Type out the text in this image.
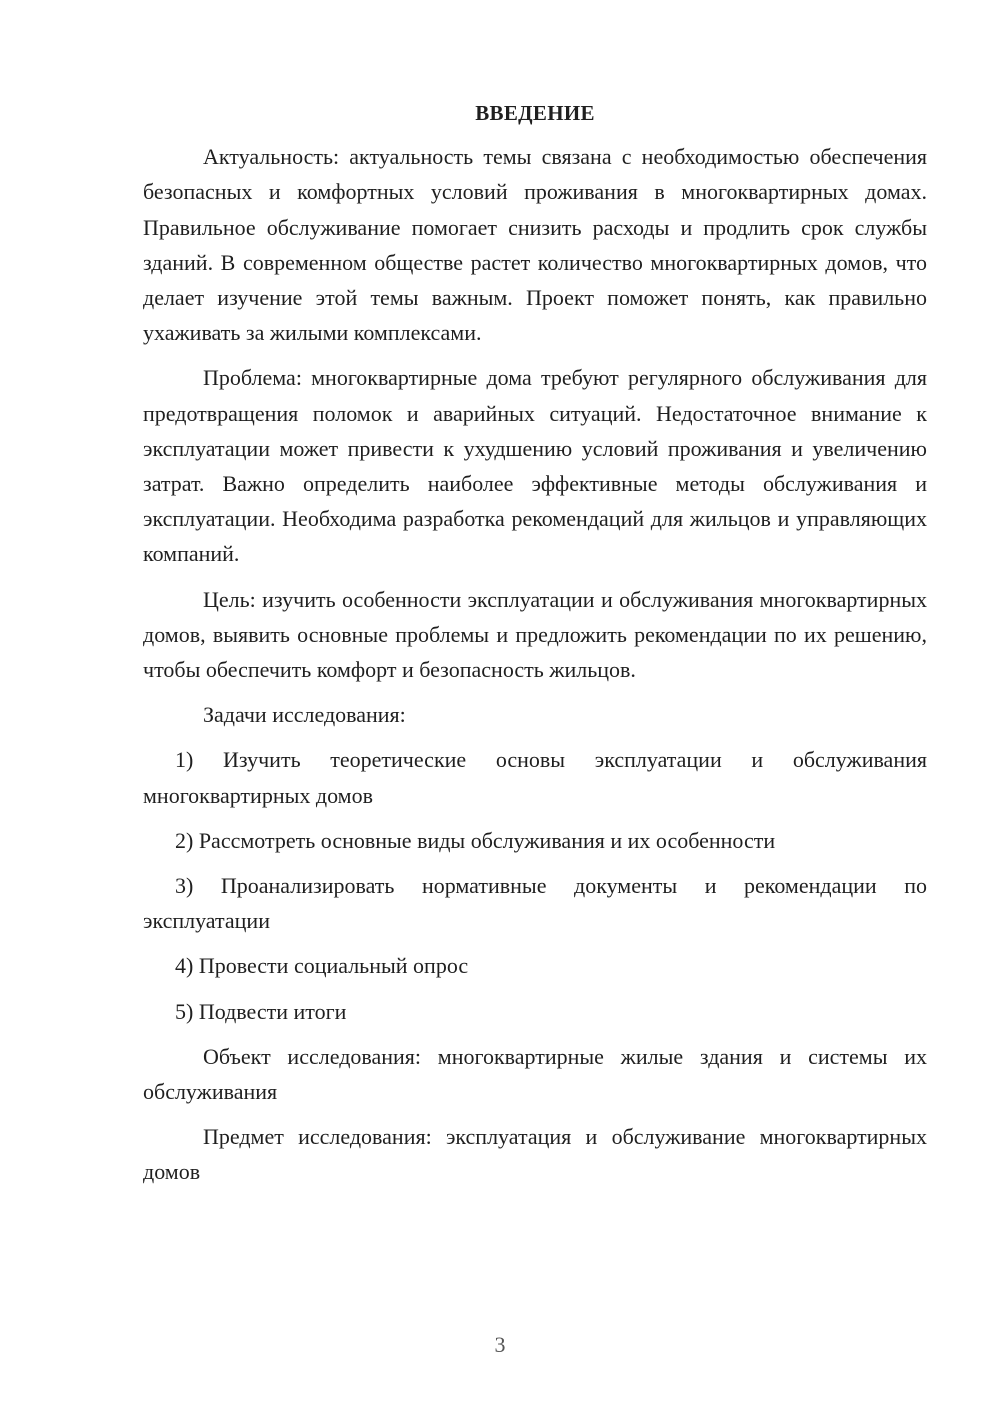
ВВЕДЕНИЕ

Актуальность: актуальность темы связана с необходимостью обеспечения безопасных и комфортных условий проживания в многоквартирных домах. Правильное обслуживание помогает снизить расходы и продлить срок службы зданий. В современном обществе растет количество многоквартирных домов, что делает изучение этой темы важным. Проект поможет понять, как правильно ухаживать за жилыми комплексами.

Проблема: многоквартирные дома требуют регулярного обслуживания для предотвращения поломок и аварийных ситуаций. Недостаточное внимание к эксплуатации может привести к ухудшению условий проживания и увеличению затрат. Важно определить наиболее эффективные методы обслуживания и эксплуатации. Необходима разработка рекомендаций для жильцов и управляющих компаний.

Цель: изучить особенности эксплуатации и обслуживания многоквартирных домов, выявить основные проблемы и предложить рекомендации по их решению, чтобы обеспечить комфорт и безопасность жильцов.

Задачи исследования:

1) Изучить теоретические основы эксплуатации и обслуживания многоквартирных домов

2) Рассмотреть основные виды обслуживания и их особенности

3) Проанализировать нормативные документы и рекомендации по эксплуатации

4) Провести социальный опрос

5) Подвести итоги

Объект исследования: многоквартирные жилые здания и системы их обслуживания

Предмет исследования: эксплуатация и обслуживание многоквартирных домов

3
